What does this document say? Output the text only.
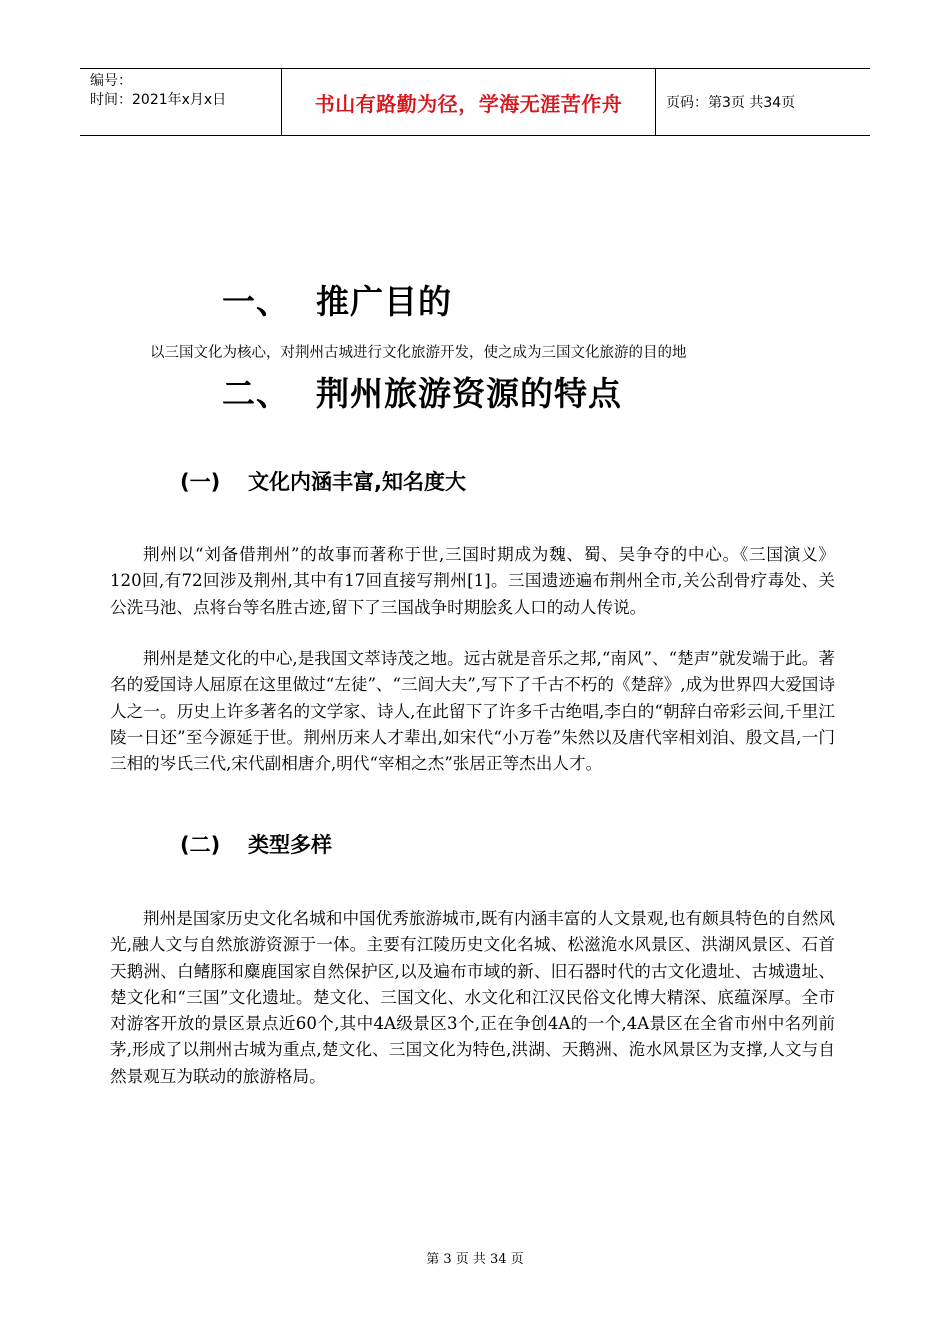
编号：
时间：2021年x月x日	书山有路勤为径，学海无涯苦作舟	页码：第3页 共34页
一、 推广目的
以三国文化为核心，对荆州古城进行文化旅游开发，使之成为三国文化旅游的目的地
二、 荆州旅游资源的特点
(一) 文化内涵丰富,知名度大

荆州以“刘备借荆州”的故事而著称于世,三国时期成为魏、蜀、吴争夺的中心。《三国演义》120回,有72回涉及荆州,其中有17回直接写荆州[1]。三国遗迹遍布荆州全市,关公刮骨疗毒处、关公洗马池、点将台等名胜古迹,留下了三国战争时期脍炙人口的动人传说。

荆州是楚文化的中心,是我国文萃诗茂之地。远古就是音乐之邦,“南风”、“楚声”就发端于此。著名的爱国诗人屈原在这里做过“左徒”、“三闾大夫”,写下了千古不朽的《楚辞》,成为世界四大爱国诗人之一。历史上许多著名的文学家、诗人,在此留下了许多千古绝唱,李白的“朝辞白帝彩云间,千里江陵一日还”至今源延于世。荆州历来人才辈出,如宋代“小万卷”朱然以及唐代宰相刘洎、殷文昌,一门三相的岑氏三代,宋代副相唐介,明代“宰相之杰”张居正等杰出人才。

(二) 类型多样

荆州是国家历史文化名城和中国优秀旅游城市,既有内涵丰富的人文景观,也有颇具特色的自然风光,融人文与自然旅游资源于一体。主要有江陵历史文化名城、松滋洈水风景区、洪湖风景区、石首天鹅洲、白鳍豚和麋鹿国家自然保护区,以及遍布市域的新、旧石器时代的古文化遗址、古城遗址、楚文化和“三国”文化遗址。楚文化、三国文化、水文化和江汉民俗文化博大精深、底蕴深厚。全市对游客开放的景区景点近60个,其中4A级景区3个,正在争创4A的一个,4A景区在全省市州中名列前茅,形成了以荆州古城为重点,楚文化、三国文化为特色,洪湖、天鹅洲、洈水风景区为支撑,人文与自然景观互为联动的旅游格局。

第 3 页 共 34 页
